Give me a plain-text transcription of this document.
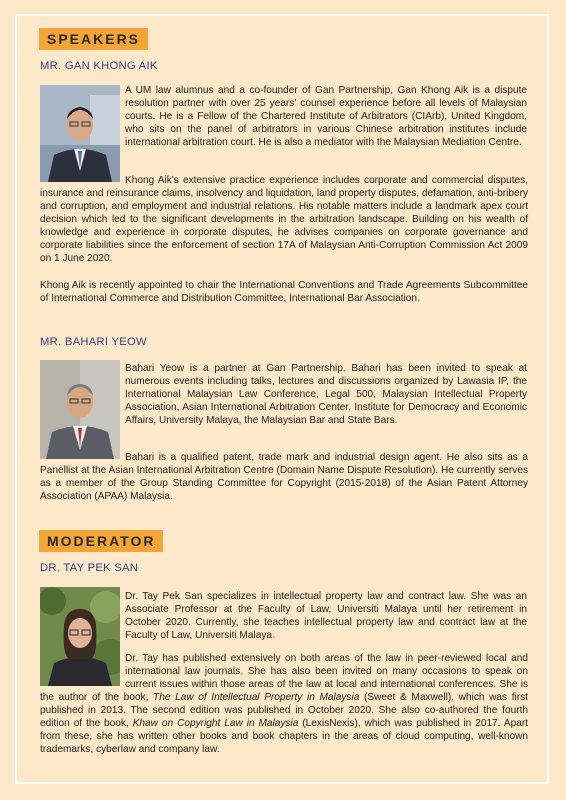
SPEAKERS
MR. GAN KHONG AIK
A UM law alumnus and a co-founder of Gan Partnership, Gan Khong Aik is a dispute resolution partner with over 25 years' counsel experience before all levels of Malaysian courts. He is a Fellow of the Chartered Institute of Arbitrators (CIArb), United Kingdom, who sits on the panel of arbitrators in various Chinese arbitration institutes include international arbitration court. He is also a mediator with the Malaysian Mediation Centre.
Khong Aik's extensive practice experience includes corporate and commercial disputes, insurance and reinsurance claims, insolvency and liquidation, land property disputes, defamation, anti-bribery and corruption, and employment and industrial relations. His notable matters include a landmark apex court decision which led to the significant developments in the arbitration landscape. Building on his wealth of knowledge and experience in corporate disputes, he advises companies on corporate governance and corporate liabilities since the enforcement of section 17A of Malaysian Anti-Corruption Commission Act 2009 on 1 June 2020.
Khong Aik is recently appointed to chair the International Conventions and Trade Agreements Subcommittee of International Commerce and Distribution Committee, International Bar Association.
MR. BAHARI YEOW
Bahari Yeow is a partner at Gan Partnership. Bahari has been invited to speak at numerous events including talks, lectures and discussions organized by Lawasia IP, the International Malaysian Law Conference, Legal 500, Malaysian Intellectual Property Association, Asian International Arbitration Center, Institute for Democracy and Economic Affairs, University Malaya, the Malaysian Bar and State Bars.
Bahari is a qualified patent, trade mark and industrial design agent. He also sits as a Panellist at the Asian International Arbitration Centre (Domain Name Dispute Resolution). He currently serves as a member of the Group Standing Committee for Copyright (2015-2018) of the Asian Patent Attorney Association (APAA) Malaysia.
MODERATOR
DR. TAY PEK SAN
Dr. Tay Pek San specializes in intellectual property law and contract law. She was an Associate Professor at the Faculty of Law, Universiti Malaya until her retirement in October 2020. Currently, she teaches intellectual property law and contract law at the Faculty of Law, Universiti Malaya.
Dr. Tay has published extensively on both areas of the law in peer-reviewed local and international law journals. She has also been invited on many occasions to speak on current issues within those areas of the law at local and international conferences. She is the author of the book, The Law of Intellectual Property in Malaysia (Sweet & Maxwell), which was first published in 2013. The second edition was published in October 2020. She also co-authored the fourth edition of the book, Khaw on Copyright Law in Malaysia (LexisNexis), which was published in 2017. Apart from these, she has written other books and book chapters in the areas of cloud computing, well-known trademarks, cyberlaw and company law.
